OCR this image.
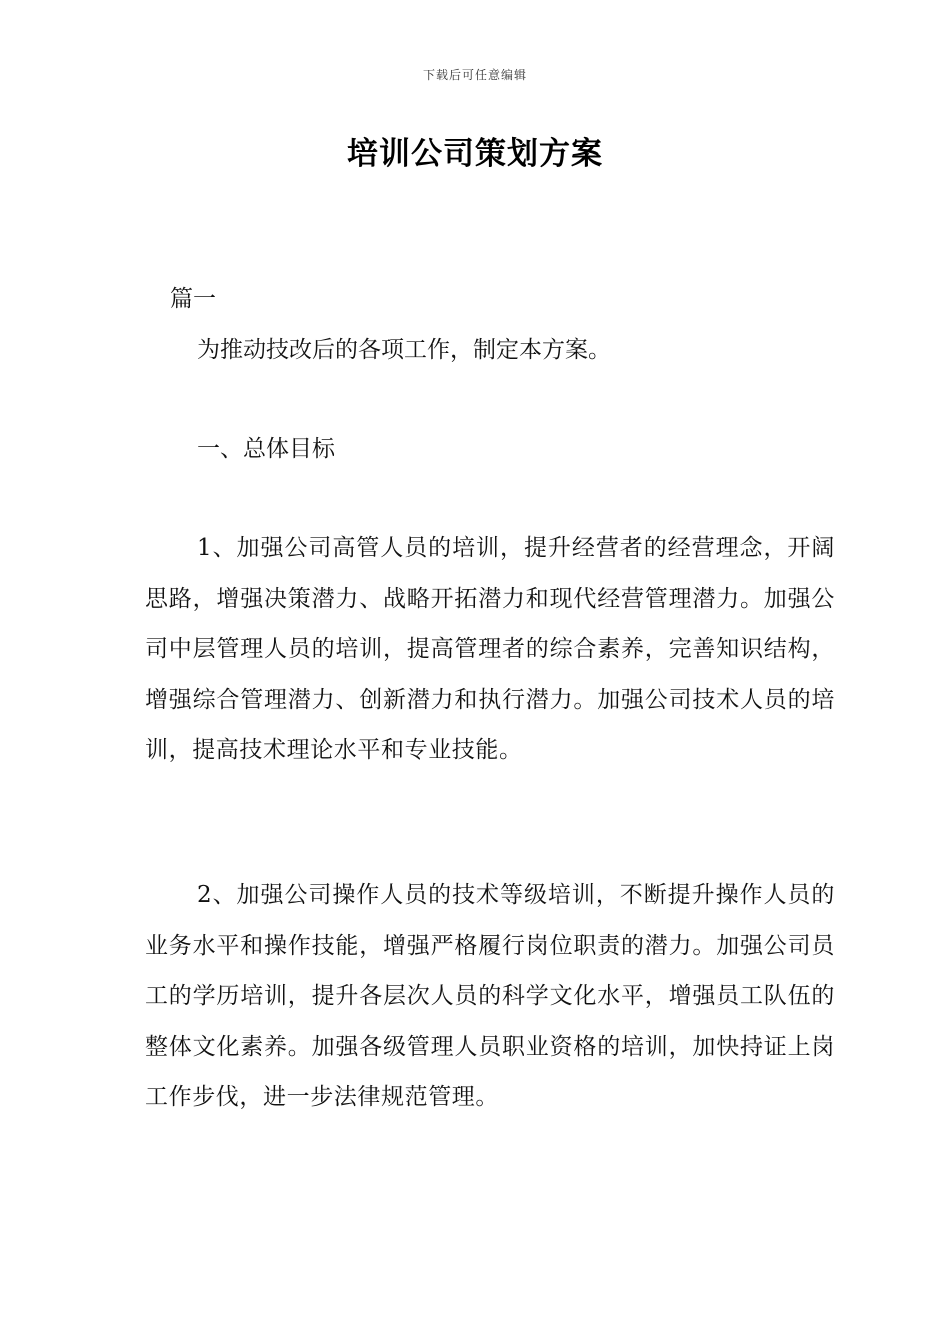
下载后可任意编辑
培训公司策划方案
篇一
为推动技改后的各项工作，制定本方案。
一、总体目标
1、加强公司高管人员的培训，提升经营者的经营理念，开阔思路，增强决策潜力、战略开拓潜力和现代经营管理潜力。加强公司中层管理人员的培训，提高管理者的综合素养，完善知识结构，增强综合管理潜力、创新潜力和执行潜力。加强公司技术人员的培训，提高技术理论水平和专业技能。
2、加强公司操作人员的技术等级培训，不断提升操作人员的业务水平和操作技能，增强严格履行岗位职责的潜力。加强公司员工的学历培训，提升各层次人员的科学文化水平，增强员工队伍的整体文化素养。加强各级管理人员职业资格的培训，加快持证上岗工作步伐，进一步法律规范管理。
